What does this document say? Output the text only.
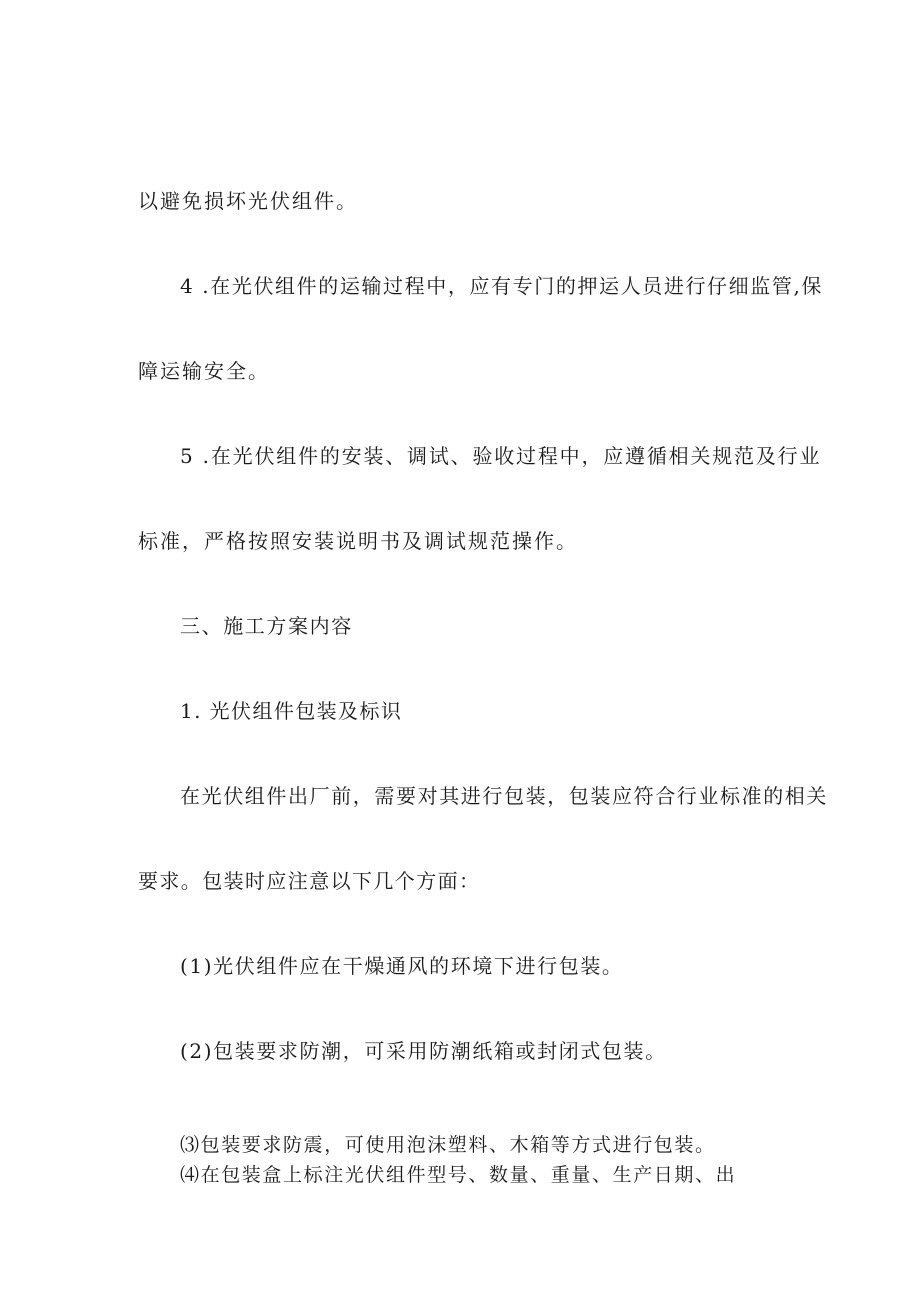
以避免损坏光伏组件。
4 .在光伏组件的运输过程中，应有专门的押运人员进行仔细监管,保
障运输安全。
5 .在光伏组件的安装、调试、验收过程中，应遵循相关规范及行业
标准，严格按照安装说明书及调试规范操作。
三、施工方案内容
1. 光伏组件包装及标识
在光伏组件出厂前，需要对其进行包装，包装应符合行业标准的相关
要求。包装时应注意以下几个方面：
(1)光伏组件应在干燥通风的环境下进行包装。
(2)包装要求防潮，可采用防潮纸箱或封闭式包装。
⑶包装要求防震，可使用泡沫塑料、木箱等方式进行包装。
⑷在包装盒上标注光伏组件型号、数量、重量、生产日期、出
